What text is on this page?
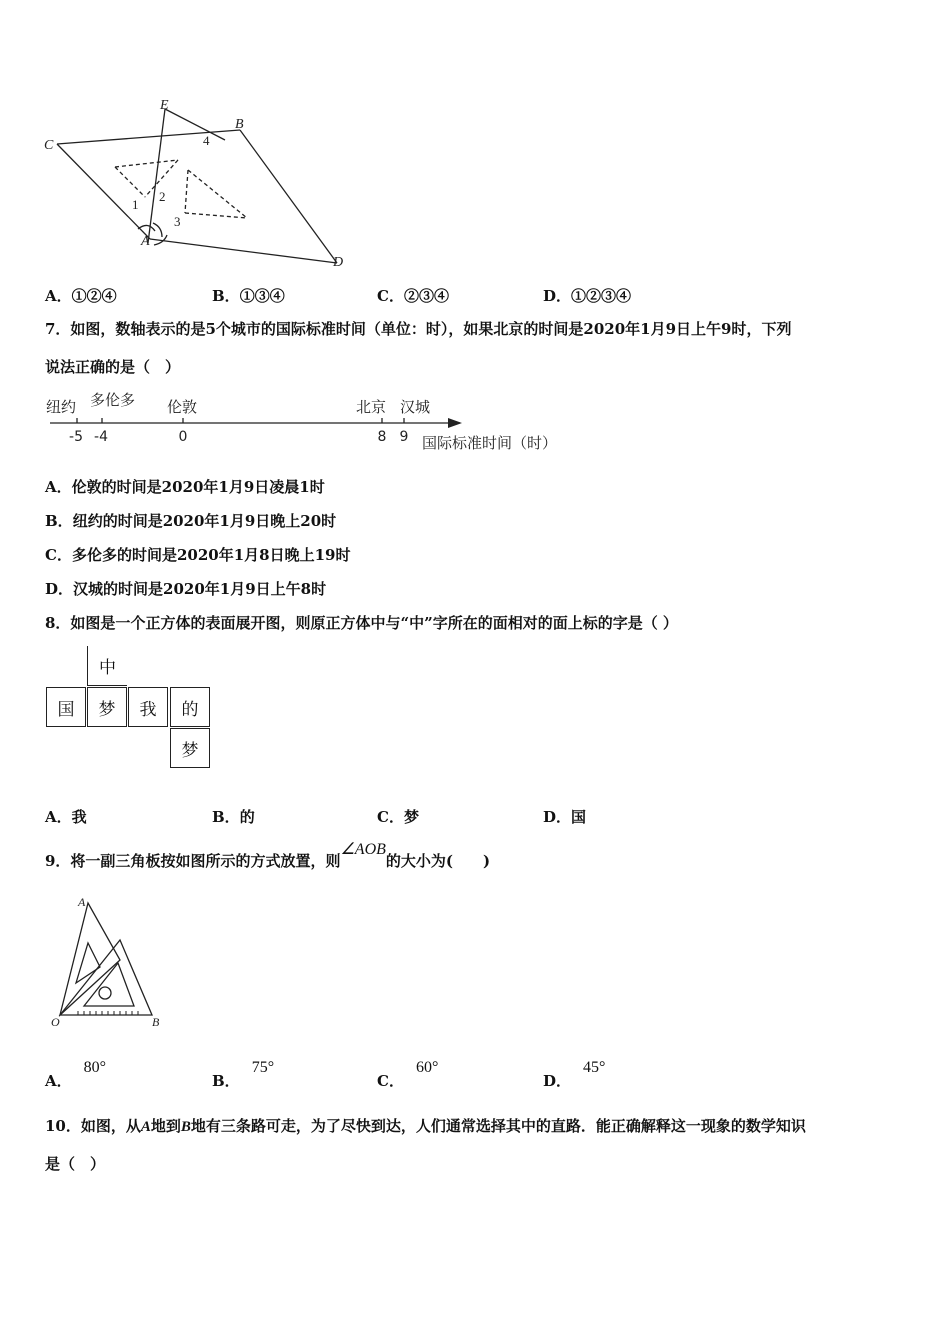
E
B
C
A
D
1
2
3
4
A．①②④	B．①③④	C．②③④	D．①②③④
7．如图，数轴表示的是5个城市的国际标准时间（单位：时），如果北京的时间是2020年1月9日上午9时，下列
说法正确的是（　）
纽约 多伦多 伦敦	北京 汉城
-5 -4	0	8 9 国际标准时间（时）
A．伦敦的时间是2020年1月9日凌晨1时
B．纽约的时间是2020年1月9日晚上20时
C．多伦多的时间是2020年1月8日晚上19时
D．汉城的时间是2020年1月9日上午8时
8．如图是一个正方体的表面展开图，则原正方体中与“中”字所在的面相对的面上标的字是（ ）
中
国	梦	我	的
梦
A．我	B．的	C．梦	D．国
9．将一副三角板按如图所示的方式放置，则∠AOB的大小为(　　)
A
O	B
A．80°
B．75°
C．60°
D．45°
10．如图，从A地到B地有三条路可走，为了尽快到达，人们通常选择其中的直路．能正确解释这一现象的数学知识
是（　）
